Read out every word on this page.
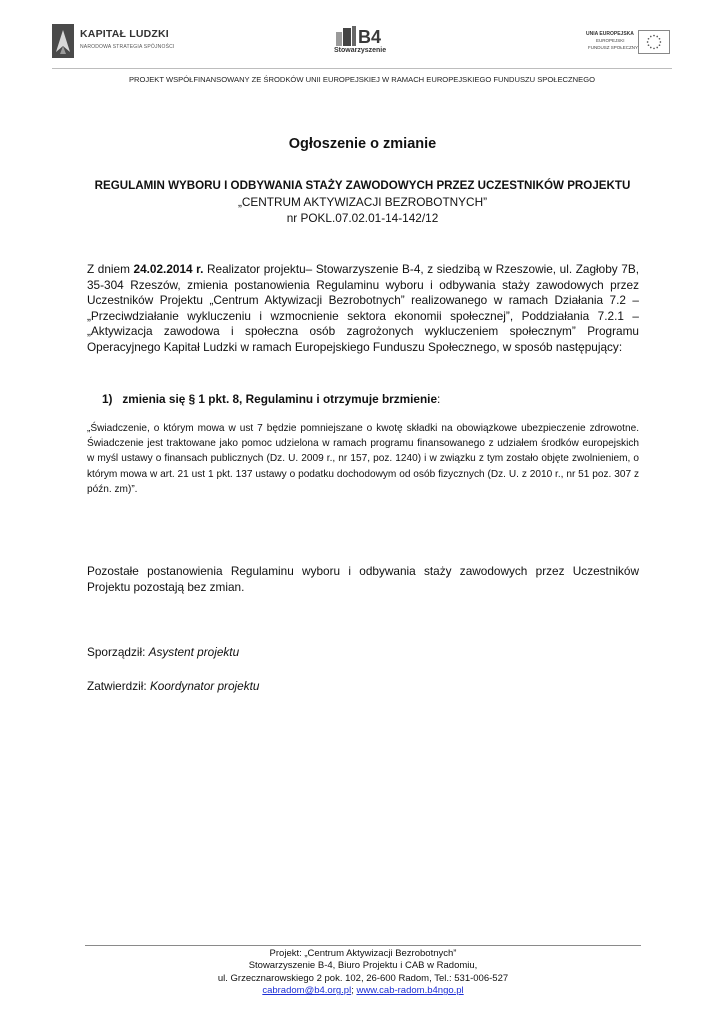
KAPITAŁ LUDZKI
NARODOWA STRATEGIA SPÓJNOŚCI	B4
Stowarzyszenie
UNIA EUROPEJSKA
EUROPEJSKI
FUNDUSZ SPOŁECZNY
PROJEKT WSPÓŁFINANSOWANY ZE ŚRODKÓW UNII EUROPEJSKIEJ W RAMACH EUROPEJSKIEGO FUNDUSZU SPOŁECZNEGO
Ogłoszenie o zmianie
REGULAMIN WYBORU I ODBYWANIA STAŻY ZAWODOWYCH PRZEZ UCZESTNIKÓW PROJEKTU
„CENTRUM AKTYWIZACJI BEZROBOTNYCH”
nr POKL.07.02.01-14-142/12
Z dniem 24.02.2014 r. Realizator projektu– Stowarzyszenie B-4, z siedzibą w Rzeszowie, ul. Zagłoby 7B, 35-304 Rzeszów, zmienia postanowienia Regulaminu wyboru i odbywania staży zawodowych przez Uczestników Projektu „Centrum Aktywizacji Bezrobotnych” realizowanego w ramach Działania 7.2 – „Przeciwdziałanie wykluczeniu i wzmocnienie sektora ekonomii społecznej”, Poddziałania 7.2.1 – „Aktywizacja zawodowa i społeczna osób zagrożonych wykluczeniem społecznym” Programu Operacyjnego Kapitał Ludzki w ramach Europejskiego Funduszu Społecznego, w sposób następujący:
1) zmienia się § 1 pkt. 8, Regulaminu i otrzymuje brzmienie:
„Świadczenie, o którym mowa w ust 7 będzie pomniejszane o kwotę składki na obowiązkowe ubezpieczenie zdrowotne. Świadczenie jest traktowane jako pomoc udzielona w ramach programu finansowanego z udziałem środków europejskich w myśl ustawy o finansach publicznych (Dz. U. 2009 r., nr 157, poz. 1240) i w związku z tym zostało objęte zwolnieniem, o którym mowa w art. 21 ust 1 pkt. 137 ustawy o podatku dochodowym od osób fizycznych (Dz. U. z 2010 r., nr 51 poz. 307 z późn. zm)”.
Pozostałe postanowienia Regulaminu wyboru i odbywania staży zawodowych przez Uczestników Projektu pozostają bez zmian.
Sporządził: Asystent projektu
Zatwierdził: Koordynator projektu
Projekt: „Centrum Aktywizacji Bezrobotnych”
Stowarzyszenie B-4, Biuro Projektu i CAB w Radomiu,
ul. Grzecznarowskiego 2 pok. 102, 26-600 Radom, Tel.: 531-006-527
cabradom@b4.org.pl; www.cab-radom.b4ngo.pl
